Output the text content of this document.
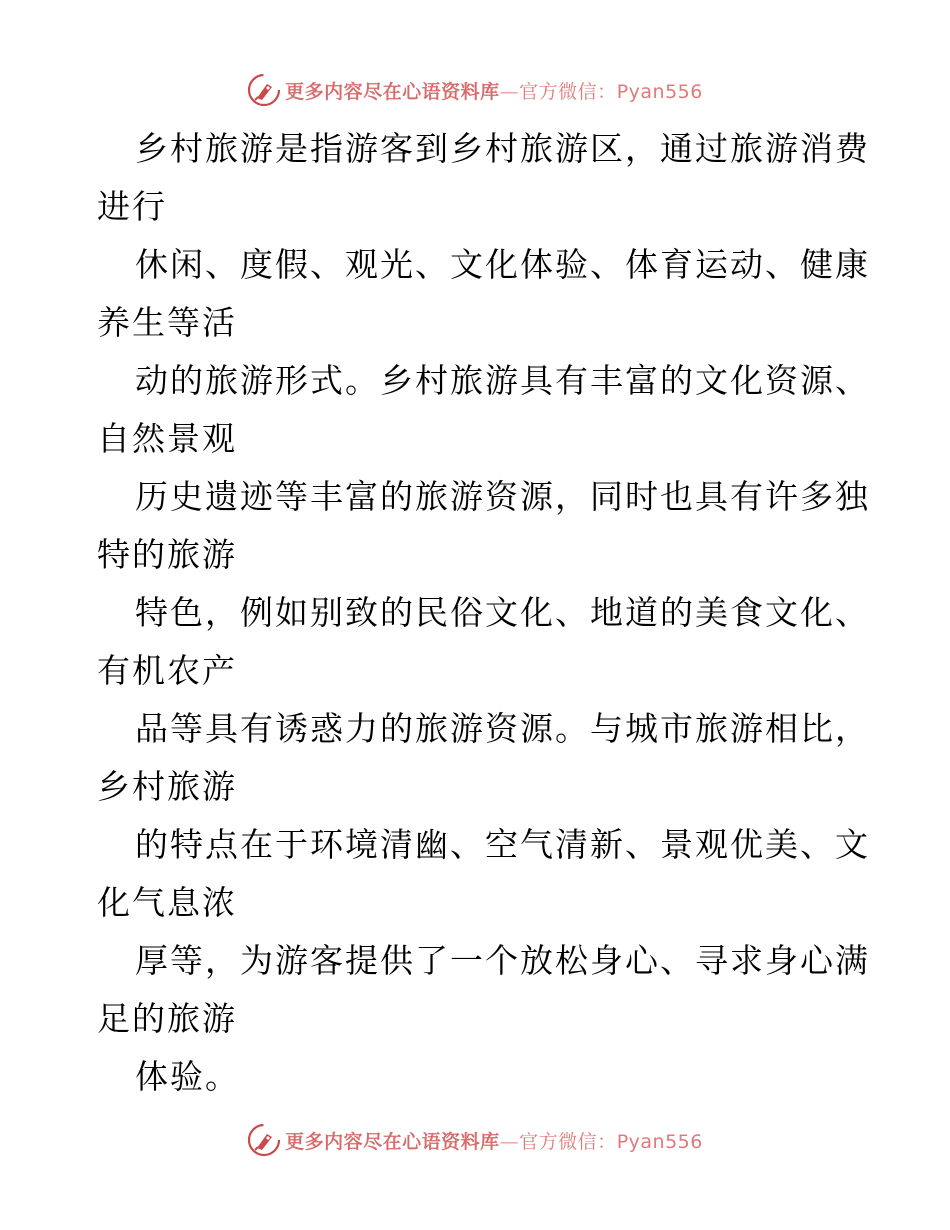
更多内容尽在心语资料库—官方微信：Pyan556
乡村旅游是指游客到乡村旅游区，通过旅游消费
进行
休闲、度假、观光、文化体验、体育运动、健康
养生等活
动的旅游形式。乡村旅游具有丰富的文化资源、
自然景观
历史遗迹等丰富的旅游资源，同时也具有许多独
特的旅游
特色，例如别致的民俗文化、地道的美食文化、
有机农产
品等具有诱惑力的旅游资源。与城市旅游相比，
乡村旅游
的特点在于环境清幽、空气清新、景观优美、文
化气息浓
厚等，为游客提供了一个放松身心、寻求身心满
足的旅游
体验。
更多内容尽在心语资料库—官方微信：Pyan556
